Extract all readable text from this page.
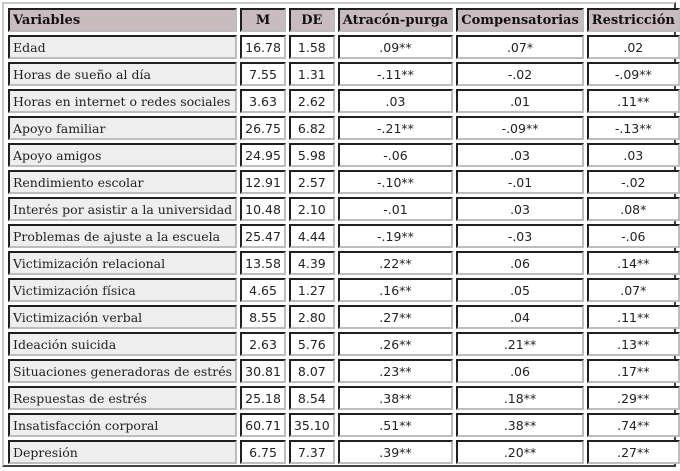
Variables	M	DE	Atracón-purga	Compensatorias	Restricción
Edad	16.78	1.58	.09**	.07*	.02
Horas de sueño al día	7.55	1.31	-.11**	-.02	-.09**
Horas en internet o redes sociales	3.63	2.62	.03	.01	.11**
Apoyo familiar	26.75	6.82	-.21**	-.09**	-.13**
Apoyo amigos	24.95	5.98	-.06	.03	.03
Rendimiento escolar	12.91	2.57	-.10**	-.01	-.02
Interés por asistir a la universidad	10.48	2.10	-.01	.03	.08*
Problemas de ajuste a la escuela	25.47	4.44	-.19**	-.03	-.06
Victimización relacional	13.58	4.39	.22**	.06	.14**
Victimización física	4.65	1.27	.16**	.05	.07*
Victimización verbal	8.55	2.80	.27**	.04	.11**
Ideación suicida	2.63	5.76	.26**	.21**	.13**
Situaciones generadoras de estrés	30.81	8.07	.23**	.06	.17**
Respuestas de estrés	25.18	8.54	.38**	.18**	.29**
Insatisfacción corporal	60.71	35.10	.51**	.38**	.74**
Depresión	6.75	7.37	.39**	.20**	.27**
